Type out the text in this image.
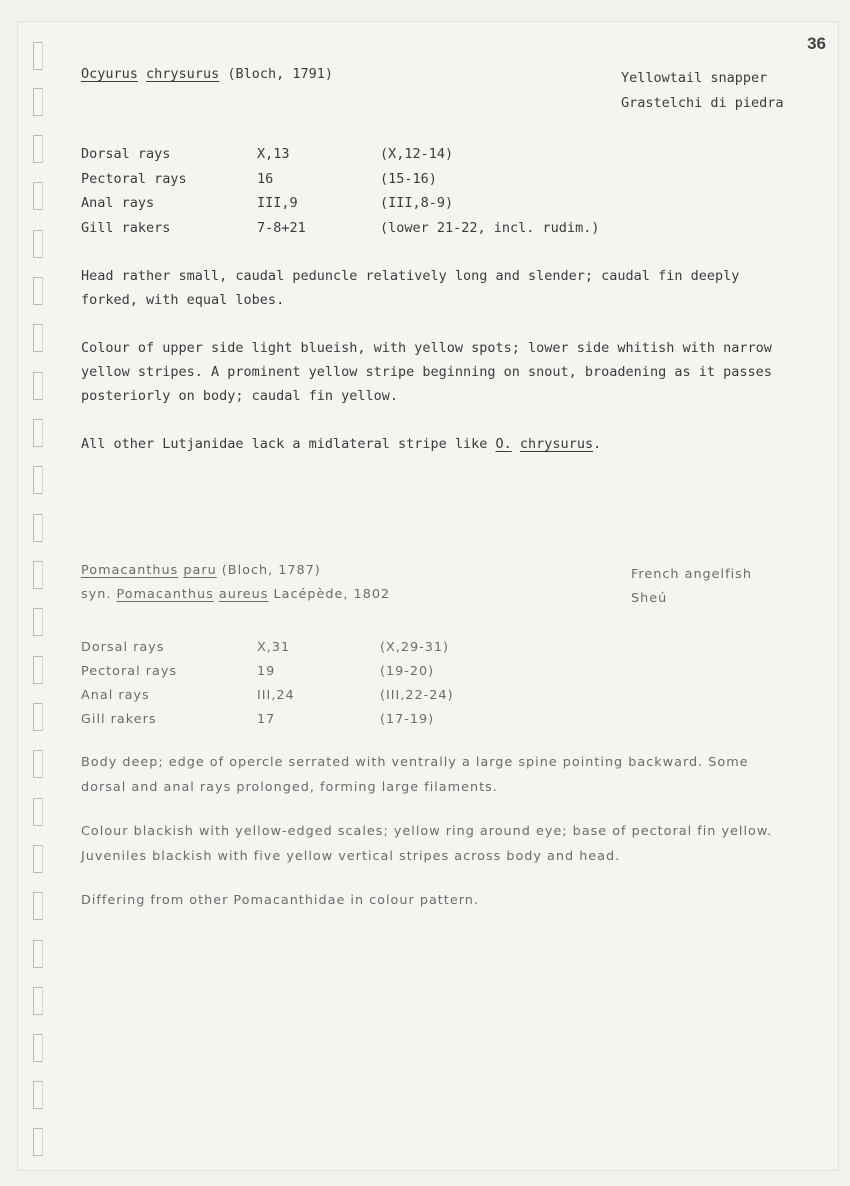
36
Ocyurus chrysurus (Bloch, 1791)	Yellowtail snapper
Grastelchi di piedra
Dorsal rays	X,13	(X,12-14)
Pectoral rays	16	(15-16)
Anal rays	III,9	(III,8-9)
Gill rakers	7-8+21	(lower 21-22, incl. rudim.)
Head rather small, caudal peduncle relatively long and slender; caudal fin deeply forked, with equal lobes.
Colour of upper side light blueish, with yellow spots; lower side whitish with narrow yellow stripes. A prominent yellow stripe beginning on snout, broadening as it passes posteriorly on body; caudal fin yellow.
All other Lutjanidae lack a midlateral stripe like O. chrysurus.
Pomacanthus paru (Bloch, 1787)	French angelfish
Sheú
syn. Pomacanthus aureus Lacépède, 1802
Dorsal rays	X,31	(X,29-31)
Pectoral rays	19	(19-20)
Anal rays	III,24	(III,22-24)
Gill rakers	17	(17-19)
Body deep; edge of opercle serrated with ventrally a large spine pointing backward. Some dorsal and anal rays prolonged, forming large filaments.
Colour blackish with yellow-edged scales; yellow ring around eye; base of pectoral fin yellow.
Juveniles blackish with five yellow vertical stripes across body and head.
Differing from other Pomacanthidae in colour pattern.
